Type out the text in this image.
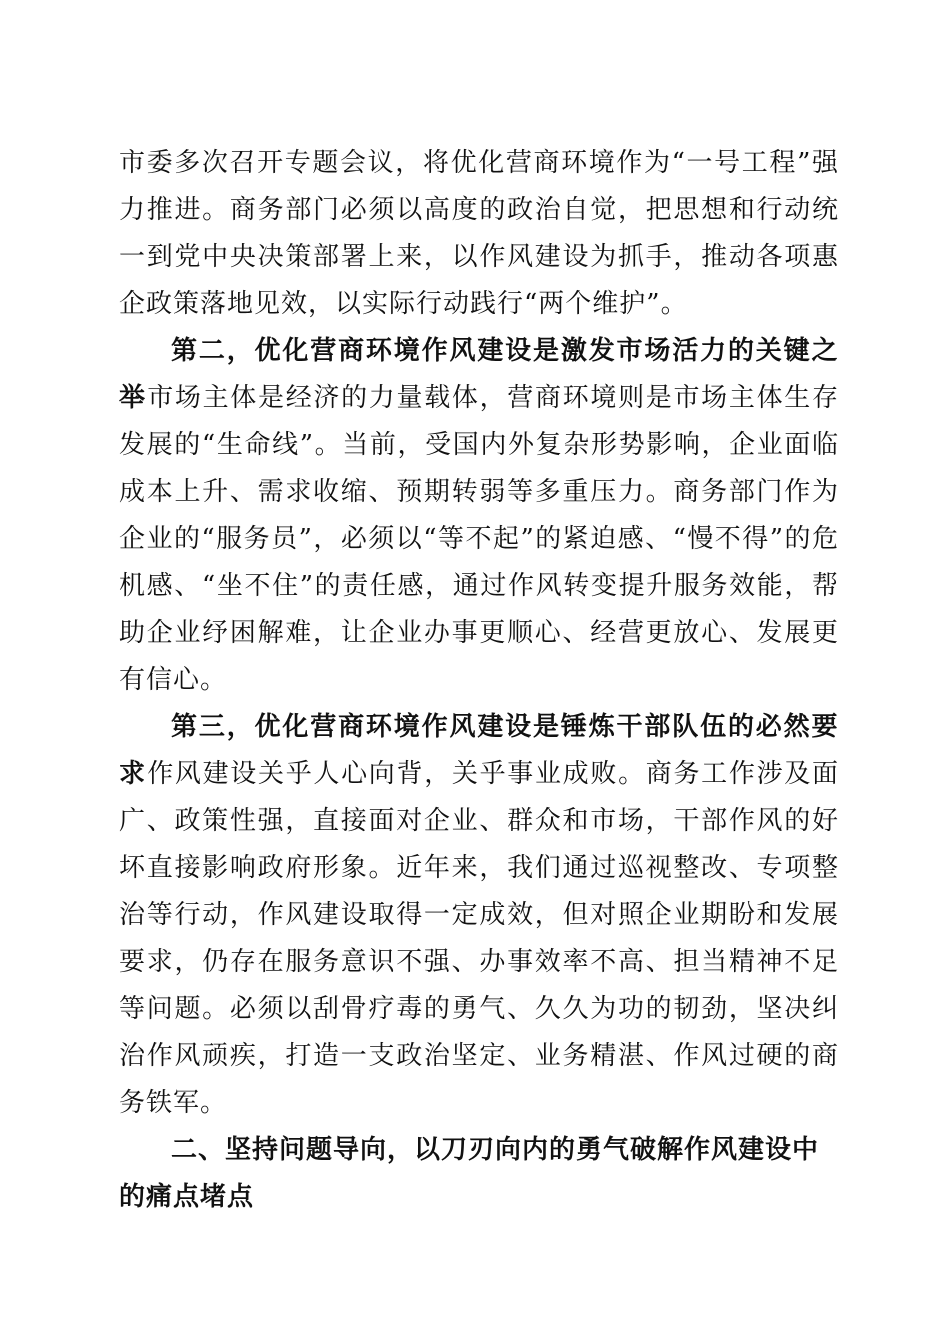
市委多次召开专题会议，将优化营商环境作为“一号工程”强力推进。商务部门必须以高度的政治自觉，把思想和行动统一到党中央决策部署上来，以作风建设为抓手，推动各项惠企政策落地见效，以实际行动践行“两个维护”。

第二，优化营商环境作风建设是激发市场活力的关键之举市场主体是经济的力量载体，营商环境则是市场主体生存发展的“生命线”。当前，受国内外复杂形势影响，企业面临成本上升、需求收缩、预期转弱等多重压力。商务部门作为企业的“服务员”，必须以“等不起”的紧迫感、“慢不得”的危机感、“坐不住”的责任感，通过作风转变提升服务效能，帮助企业纾困解难，让企业办事更顺心、经营更放心、发展更有信心。

第三，优化营商环境作风建设是锤炼干部队伍的必然要求作风建设关乎人心向背，关乎事业成败。商务工作涉及面广、政策性强，直接面对企业、群众和市场，干部作风的好坏直接影响政府形象。近年来，我们通过巡视整改、专项整治等行动，作风建设取得一定成效，但对照企业期盼和发展要求，仍存在服务意识不强、办事效率不高、担当精神不足等问题。必须以刮骨疗毒的勇气、久久为功的韧劲，坚决纠治作风顽疾，打造一支政治坚定、业务精湛、作风过硬的商务铁军。

二、坚持问题导向，以刀刃向内的勇气破解作风建设中的痛点堵点
